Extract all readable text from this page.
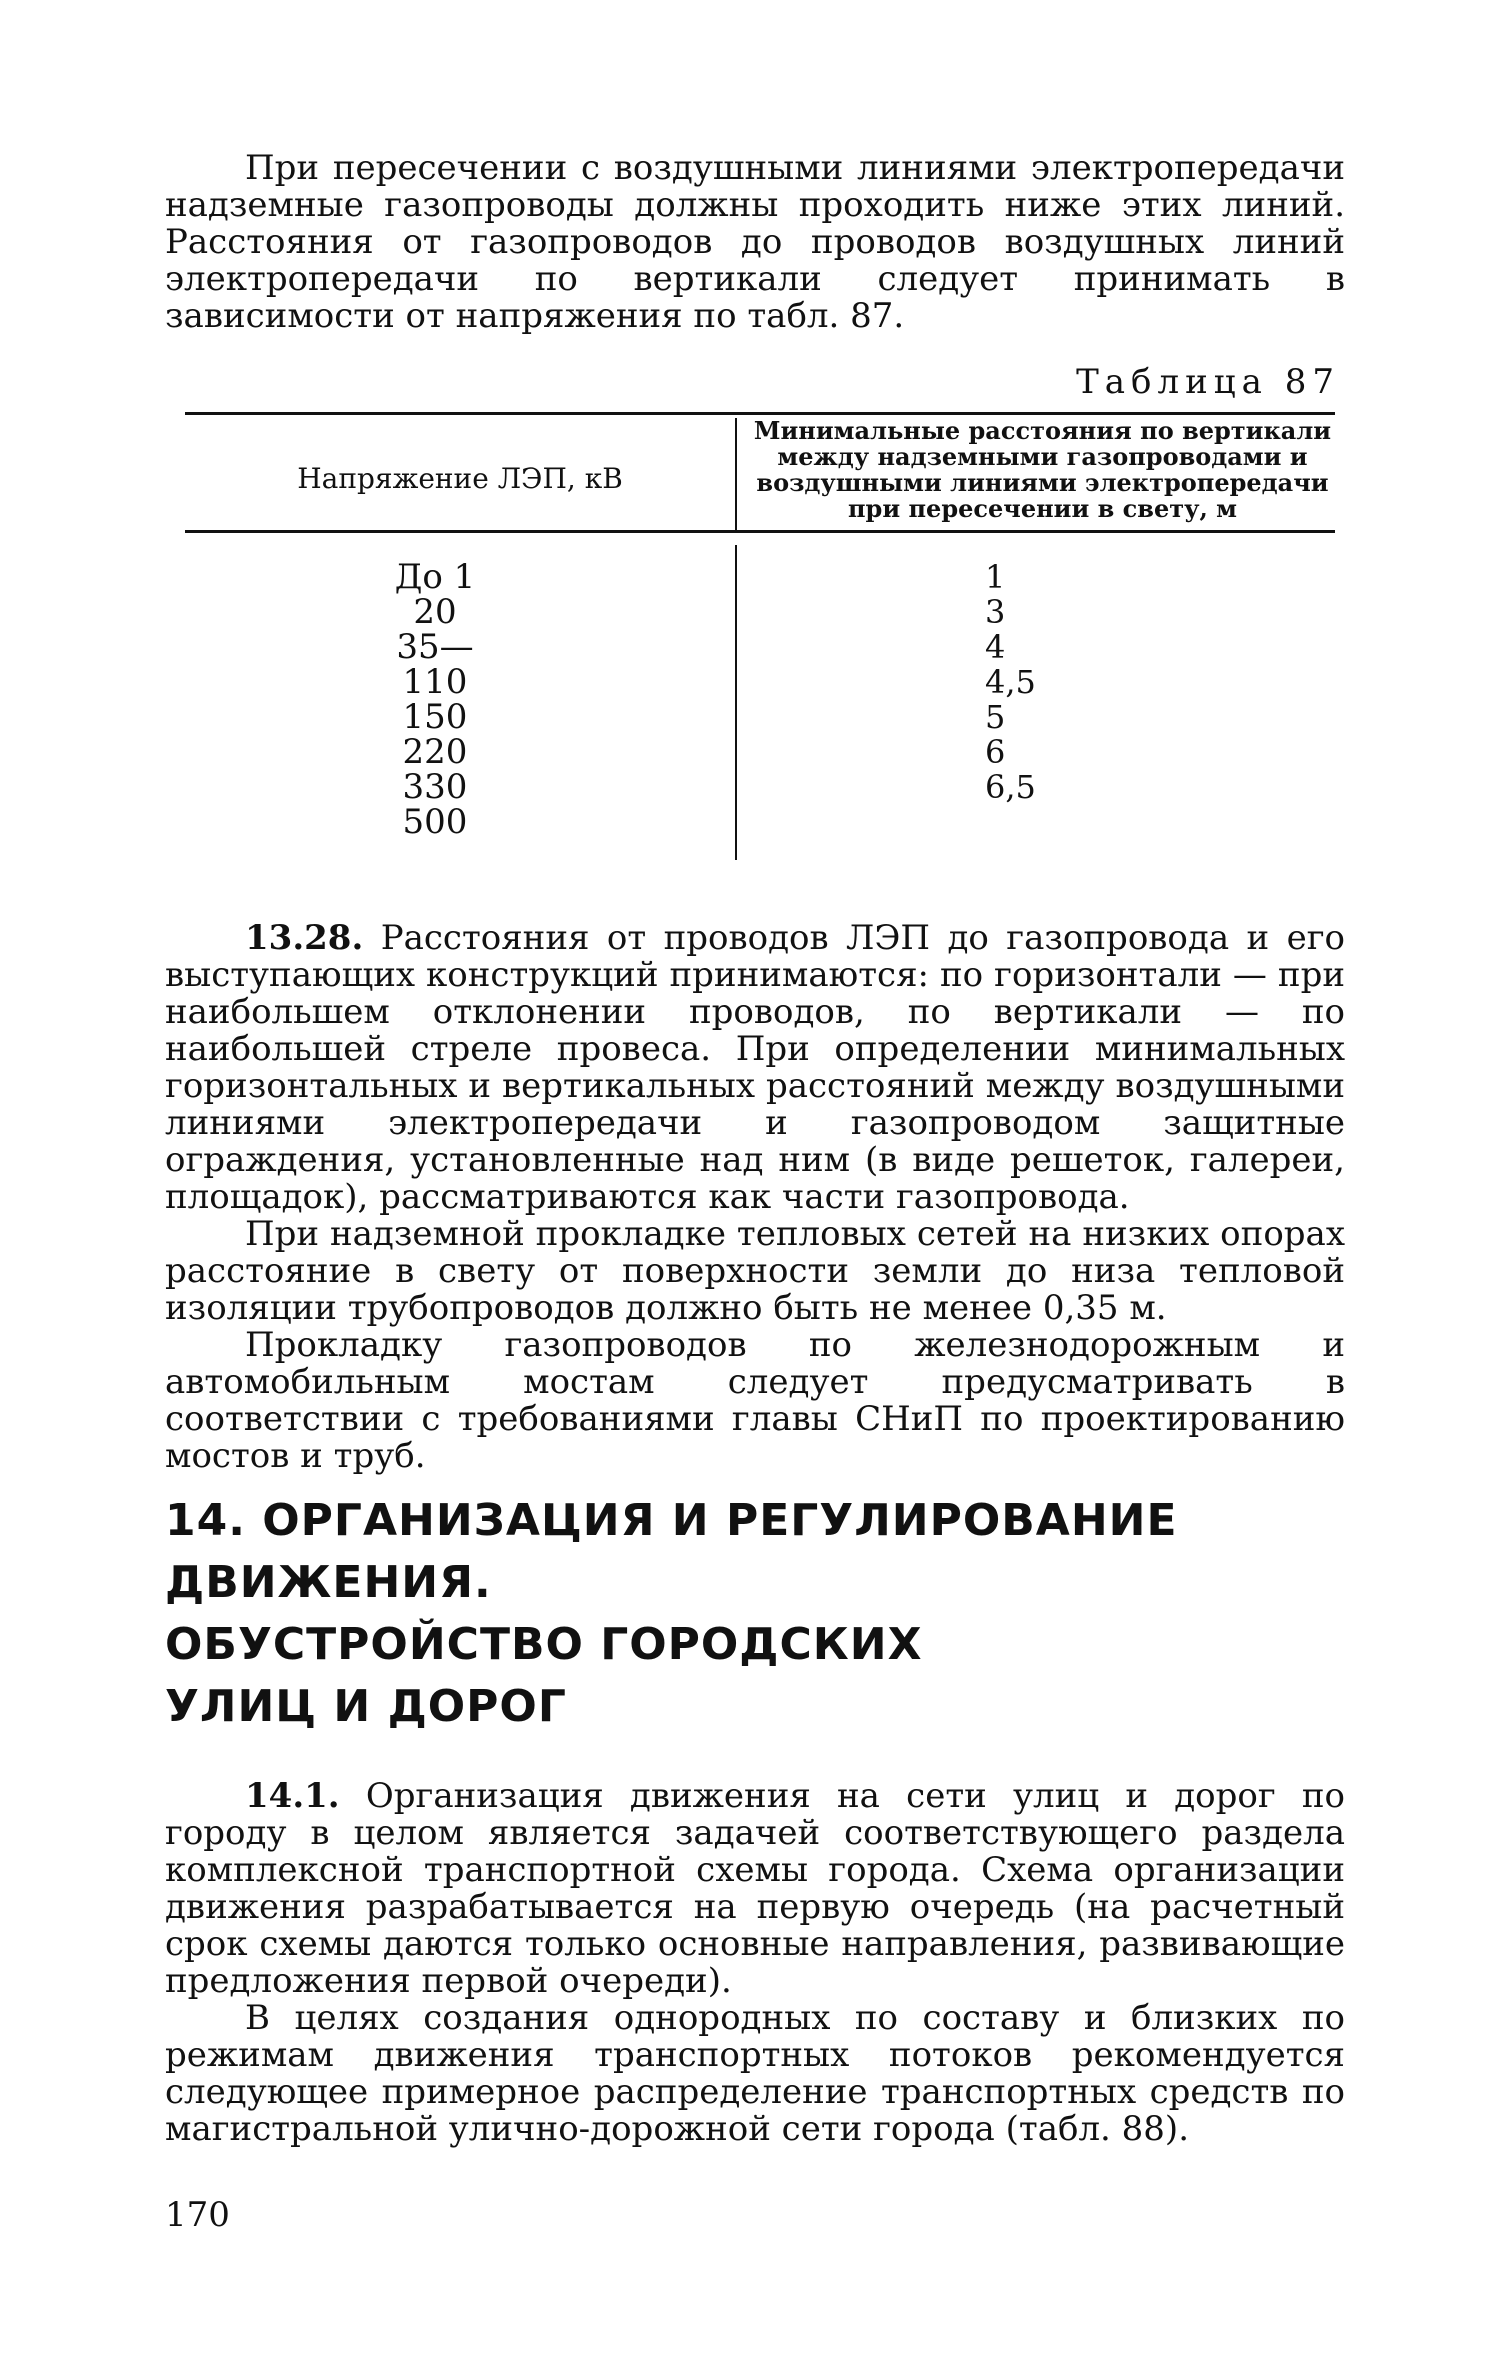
При пересечении с воздушными линиями электропередачи надземные газопроводы должны проходить ниже этих линий. Расстояния от газопроводов до проводов воздушных линий электропередачи по вертикали следует принимать в зависимости от напряжения по табл. 87.

Таблица 87
Напряжение ЛЭП, кВ
Минимальные расстояния по вертикали между надземными газопроводами и воздушными линиями электропередачи при пересечении в свету, м
До 1
20
35—110
150
220
330
500
1
3
4
4,5
5
6
6,5

13.28. Расстояния от проводов ЛЭП до газопровода и его выступающих конструкций принимаются: по горизонтали — при наибольшем отклонении проводов, по вертикали — по наибольшей стреле провеса. При определении минимальных горизонтальных и вертикальных расстояний между воздушными линиями электропередачи и газопроводом защитные ограждения, установленные над ним (в виде решеток, галереи, площадок), рассматриваются как части газопровода.

При надземной прокладке тепловых сетей на низких опорах расстояние в свету от поверхности земли до низа тепловой изоляции трубопроводов должно быть не менее 0,35 м.

Прокладку газопроводов по железнодорожным и автомобильным мостам следует предусматривать в соответствии с требованиями главы СНиП по проектированию мостов и труб.

14. ОРГАНИЗАЦИЯ И РЕГУЛИРОВАНИЕ
ДВИЖЕНИЯ.
ОБУСТРОЙСТВО ГОРОДСКИХ
УЛИЦ И ДОРОГ

14.1. Организация движения на сети улиц и дорог по городу в целом является задачей соответствующего раздела комплексной транспортной схемы города. Схема организации движения разрабатывается на первую очередь (на расчетный срок схемы даются только основные направления, развивающие предложения первой очереди).

В целях создания однородных по составу и близких по режимам движения транспортных потоков рекомендуется следующее примерное распределение транспортных средств по магистральной улично-дорожной сети города (табл. 88).

170
